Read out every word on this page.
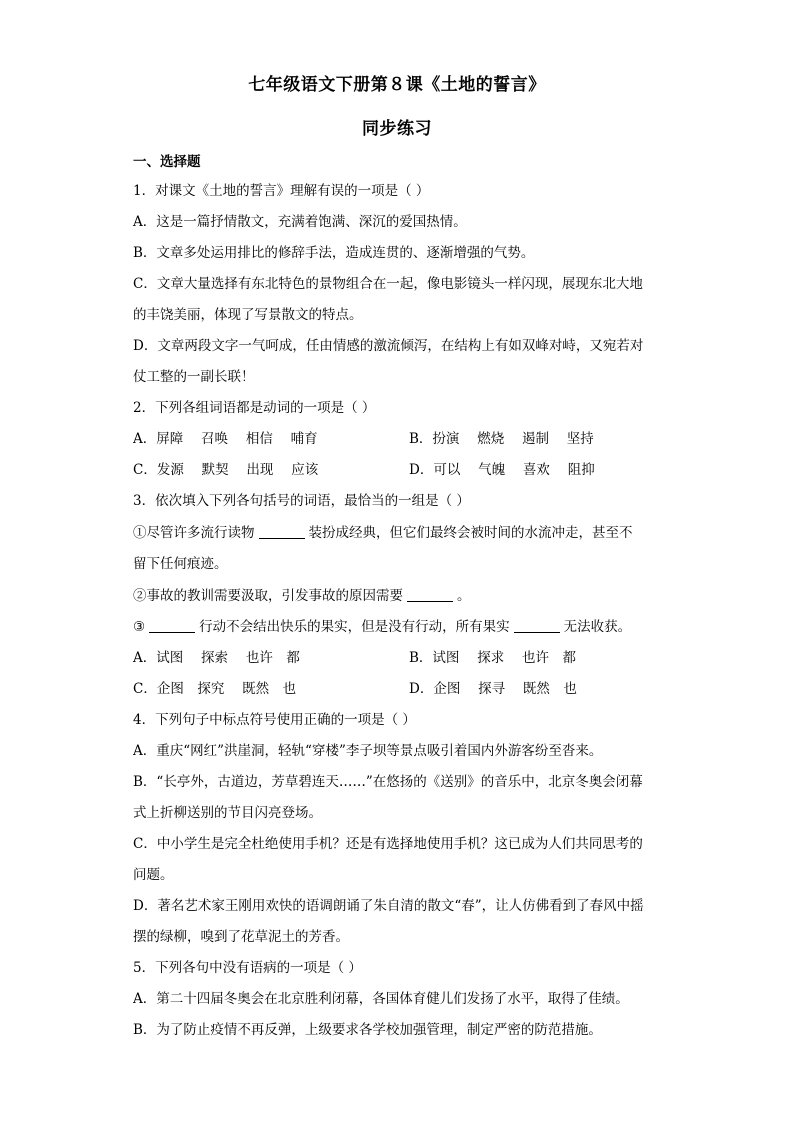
七年级语文下册第８课《土地的誓言》
同步练习
一、选择题
1．对课文《土地的誓言》理解有误的一项是（ ）
A．这是一篇抒情散文，充满着饱满、深沉的爱国热情。
B．文章多处运用排比的修辞手法，造成连贯的、逐渐增强的气势。
C．文章大量选择有东北特色的景物组合在一起，像电影镜头一样闪现，展现东北大地
的丰饶美丽，体现了写景散文的特点。
D．文章两段文字一气呵成，任由情感的激流倾泻，在结构上有如双峰对峙，又宛若对
仗工整的一副长联！
2．下列各组词语都是动词的一项是（ ）
A．屏障　 召唤　 相信　 哺育	B．扮演　 燃烧　 遏制　 坚持
C．发源　 默契　 出现　 应该	D．可以　 气魄　 喜欢　 阻抑
3．依次填入下列各句括号的词语，最恰当的一组是（ ）
①尽管许多流行读物	装扮成经典，但它们最终会被时间的水流冲走，甚至不
留下任何痕迹。
②事故的教训需要汲取，引发事故的原因需要	。
③	行动不会结出快乐的果实，但是没有行动，所有果实	无法收获。
A．试图　 探索　 也许　都	B．试图　 探求　 也许　都
C．企图　探究　 既然　也	D．企图　 探寻　 既然　也
4．下列句子中标点符号使用正确的一项是（ ）
A．重庆“网红”洪崖洞，轻轨“穿楼”李子坝等景点吸引着国内外游客纷至沓来。
B．“长亭外，古道边，芳草碧连天……”在悠扬的《送别》的音乐中，北京冬奥会闭幕
式上折柳送别的节目闪亮登场。
C．中小学生是完全杜绝使用手机？还是有选择地使用手机？这已成为人们共同思考的
问题。
D．著名艺术家王刚用欢快的语调朗诵了朱自清的散文“春”，让人仿佛看到了春风中摇
摆的绿柳，嗅到了花草泥土的芳香。
5．下列各句中没有语病的一项是（ ）
A．第二十四届冬奥会在北京胜利闭幕，各国体育健儿们发扬了水平，取得了佳绩。
B．为了防止疫情不再反弹，上级要求各学校加强管理，制定严密的防范措施。
